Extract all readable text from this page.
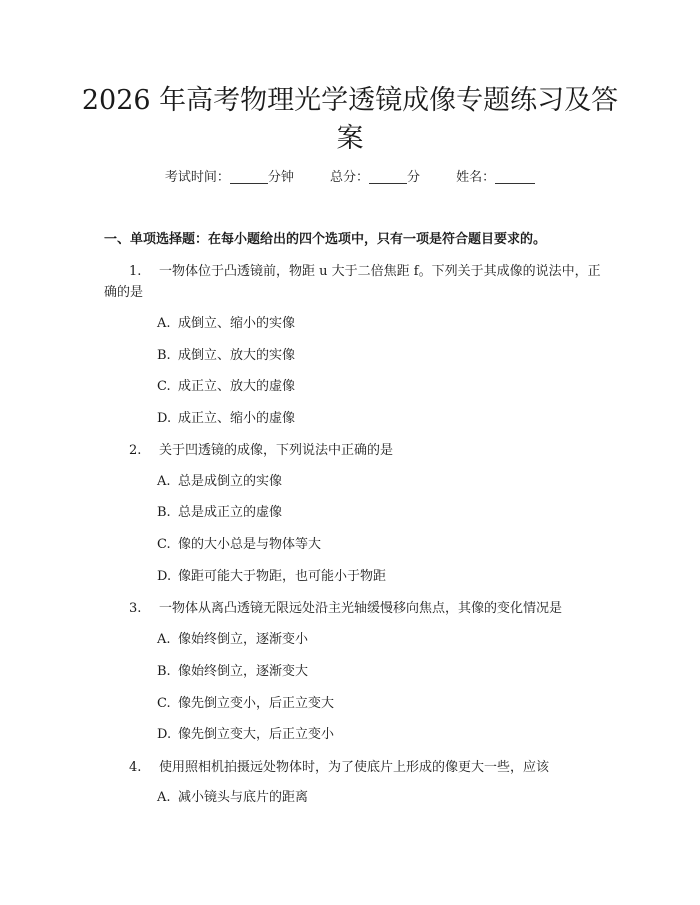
2026 年高考物理光学透镜成像专题练习及答案
考试时间：	分钟	总分：	分	姓名：
一、单项选择题：在每小题给出的四个选项中，只有一项是符合题目要求的。
1. 一物体位于凸透镜前，物距 u 大于二倍焦距 f。下列关于其成像的说法中，正确的是
A. 成倒立、缩小的实像
B. 成倒立、放大的实像
C. 成正立、放大的虚像
D. 成正立、缩小的虚像
2. 关于凹透镜的成像，下列说法中正确的是
A. 总是成倒立的实像
B. 总是成正立的虚像
C. 像的大小总是与物体等大
D. 像距可能大于物距，也可能小于物距
3. 一物体从离凸透镜无限远处沿主光轴缓慢移向焦点，其像的变化情况是
A. 像始终倒立，逐渐变小
B. 像始终倒立，逐渐变大
C. 像先倒立变小，后正立变大
D. 像先倒立变大，后正立变小
4. 使用照相机拍摄远处物体时，为了使底片上形成的像更大一些，应该
A. 减小镜头与底片的距离
